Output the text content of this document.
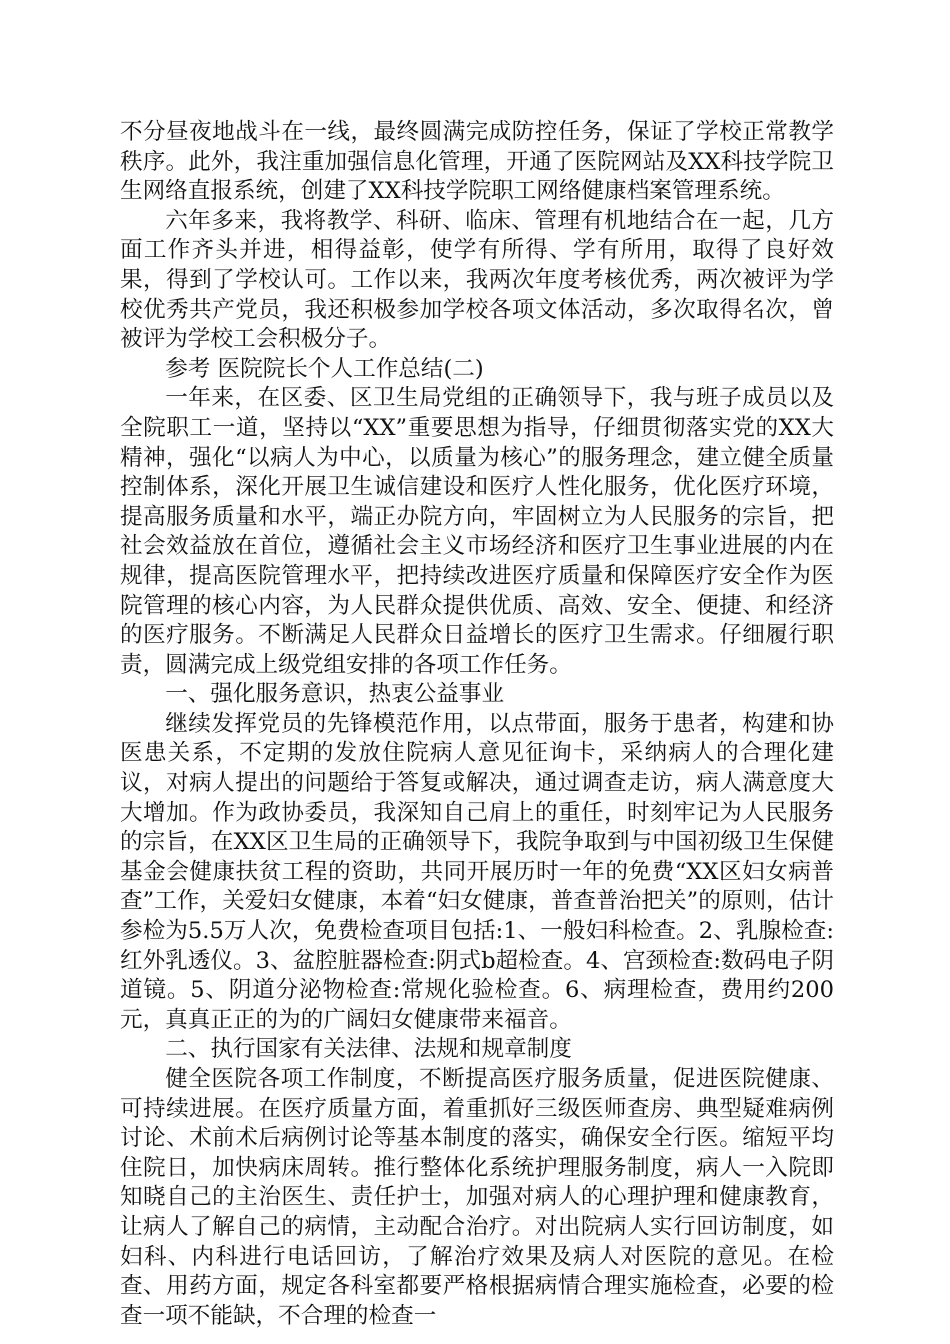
不分昼夜地战斗在一线，最终圆满完成防控任务，保证了学校正常教学秩序。此外，我注重加强信息化管理，开通了医院网站及XX科技学院卫生网络直报系统，创建了XX科技学院职工网络健康档案管理系统。

六年多来，我将教学、科研、临床、管理有机地结合在一起，几方面工作齐头并进，相得益彰，使学有所得、学有所用，取得了良好效果，得到了学校认可。工作以来，我两次年度考核优秀，两次被评为学校优秀共产党员，我还积极参加学校各项文体活动，多次取得名次，曾被评为学校工会积极分子。

参考 医院院长个人工作总结(二)

一年来，在区委、区卫生局党组的正确领导下，我与班子成员以及全院职工一道，坚持以“XX”重要思想为指导，仔细贯彻落实党的XX大精神，强化“以病人为中心，以质量为核心”的服务理念，建立健全质量控制体系，深化开展卫生诚信建设和医疗人性化服务，优化医疗环境，提高服务质量和水平，端正办院方向，牢固树立为人民服务的宗旨，把社会效益放在首位，遵循社会主义市场经济和医疗卫生事业进展的内在规律，提高医院管理水平，把持续改进医疗质量和保障医疗安全作为医院管理的核心内容，为人民群众提供优质、高效、安全、便捷、和经济的医疗服务。不断满足人民群众日益增长的医疗卫生需求。仔细履行职责，圆满完成上级党组安排的各项工作任务。

一、强化服务意识，热衷公益事业

继续发挥党员的先锋模范作用，以点带面，服务于患者，构建和协医患关系，不定期的发放住院病人意见征询卡，采纳病人的合理化建议，对病人提出的问题给于答复或解决，通过调查走访，病人满意度大大增加。作为政协委员，我深知自己肩上的重任，时刻牢记为人民服务的宗旨，在XX区卫生局的正确领导下，我院争取到与中国初级卫生保健基金会健康扶贫工程的资助，共同开展历时一年的免费“XX区妇女病普查”工作，关爱妇女健康，本着“妇女健康，普查普治把关”的原则，估计参检为5.5万人次，免费检查项目包括:1、一般妇科检查。2、乳腺检查:红外乳透仪。3、盆腔脏器检查:阴式b超检查。4、宫颈检查:数码电子阴道镜。5、阴道分泌物检查:常规化验检查。6、病理检查，费用约200元，真真正正的为的广阔妇女健康带来福音。

二、执行国家有关法律、法规和规章制度

健全医院各项工作制度，不断提高医疗服务质量，促进医院健康、可持续进展。在医疗质量方面，着重抓好三级医师查房、典型疑难病例讨论、术前术后病例讨论等基本制度的落实，确保安全行医。缩短平均住院日，加快病床周转。推行整体化系统护理服务制度，病人一入院即知晓自己的主治医生、责任护士，加强对病人的心理护理和健康教育，让病人了解自己的病情，主动配合治疗。对出院病人实行回访制度，如妇科、内科进行电话回访，了解治疗效果及病人对医院的意见。在检查、用药方面，规定各科室都要严格根据病情合理实施检查，必要的检查一项不能缺，不合理的检查一
